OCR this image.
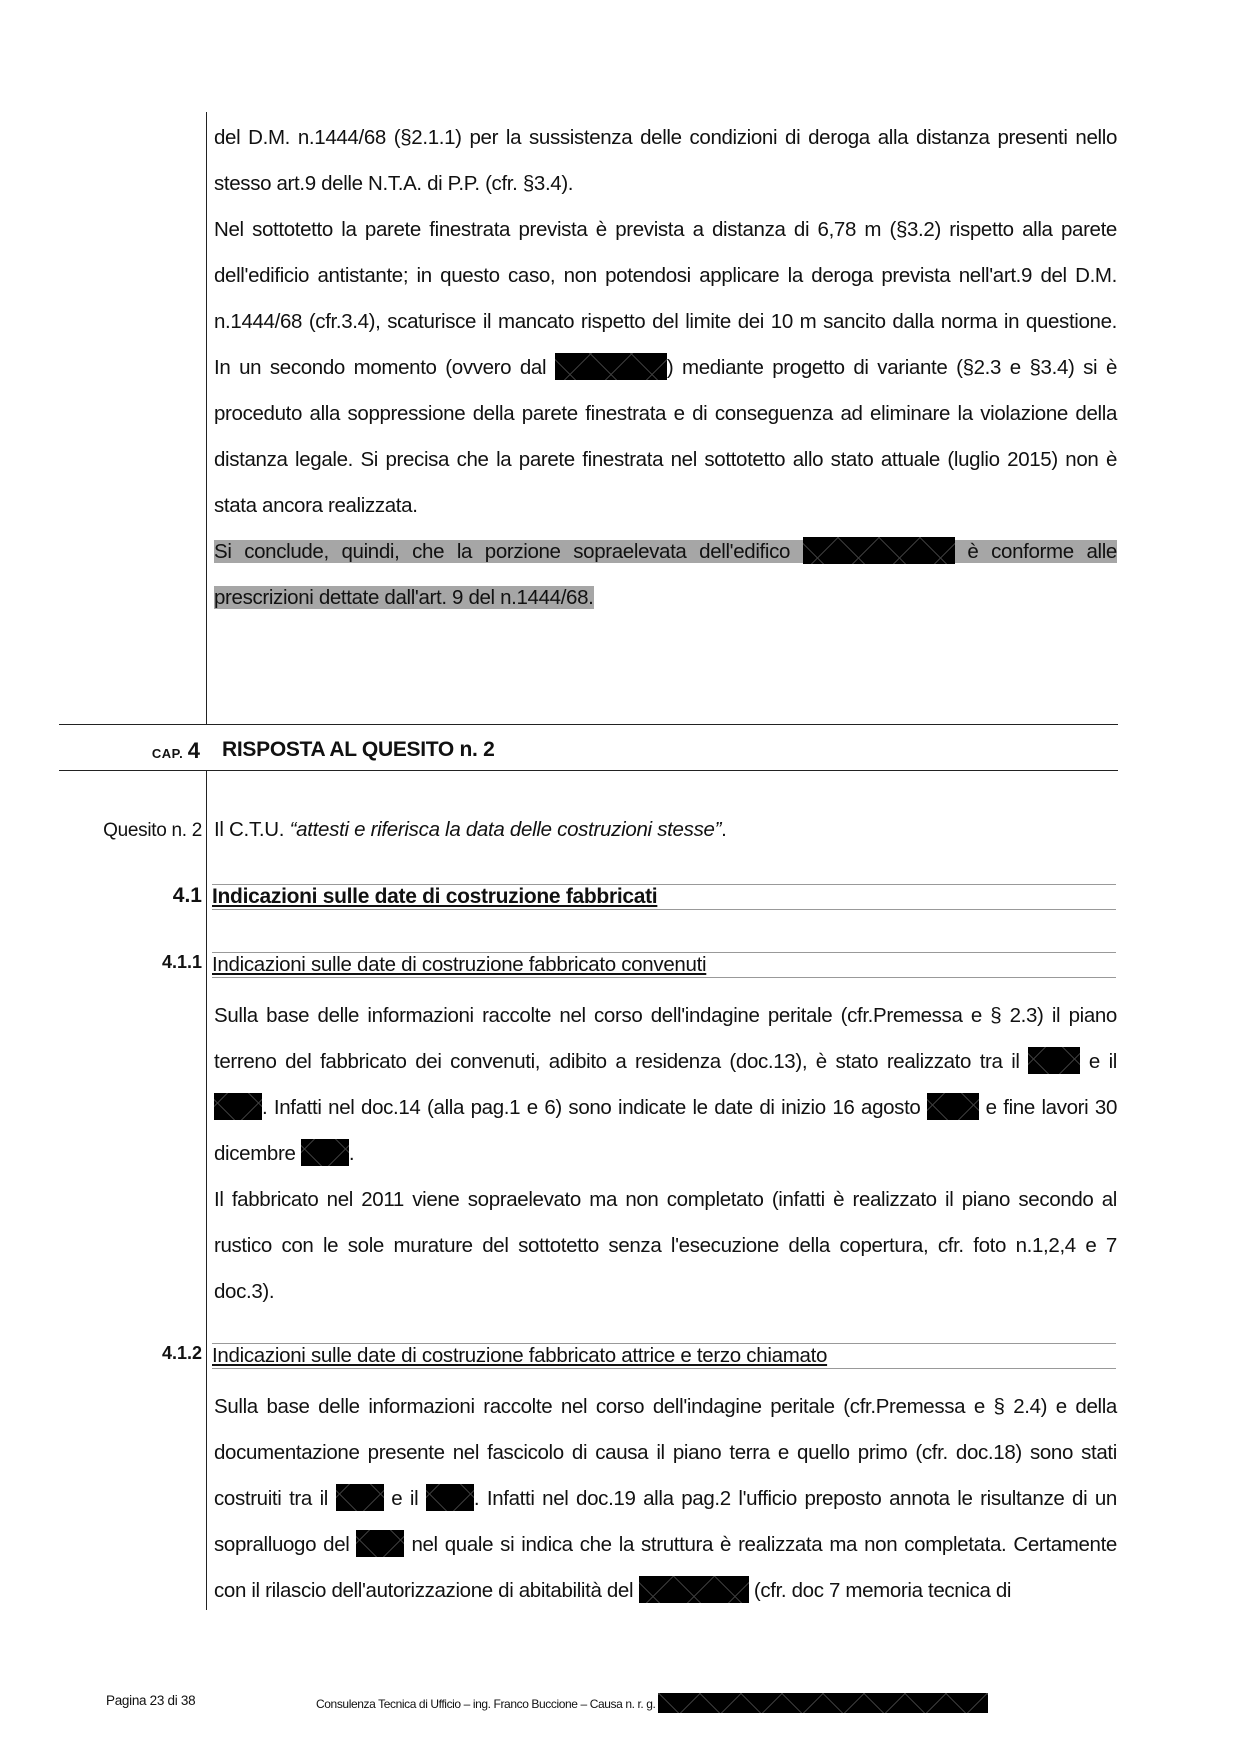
del D.M. n.1444/68 (§2.1.1) per la sussistenza delle condizioni di deroga alla distanza presenti nello stesso art.9 delle N.T.A. di P.P. (cfr. §3.4).

Nel sottotetto la parete finestrata prevista è prevista a distanza di 6,78 m (§3.2) rispetto alla parete dell'edificio antistante; in questo caso, non potendosi applicare la deroga prevista nell'art.9 del D.M. n.1444/68 (cfr.3.4), scaturisce il mancato rispetto del limite dei 10 m sancito dalla norma in questione. In un secondo momento (ovvero dal	) mediante progetto di variante (§2.3 e §3.4) si è proceduto alla soppressione della parete finestrata e di conseguenza ad eliminare la violazione della distanza legale. Si precisa che la parete finestrata nel sottotetto allo stato attuale (luglio 2015) non è stata ancora realizzata.

Si conclude, quindi, che la porzione sopraelevata dell'edifico	è conforme alle prescrizioni dettate dall'art. 9 del n.1444/68.

CAP. 4 RISPOSTA AL QUESITO n. 2
Quesito n. 2 Il C.T.U. “attesti e riferisca la data delle costruzioni stesse”.
4.1 Indicazioni sulle date di costruzione fabbricati
4.1.1 Indicazioni sulle date di costruzione fabbricato convenuti

Sulla base delle informazioni raccolte nel corso dell'indagine peritale (cfr.Premessa e § 2.3) il piano terreno del fabbricato dei convenuti, adibito a residenza (doc.13), è stato realizzato tra il	e il . Infatti nel doc.14 (alla pag.1 e 6) sono indicate le date di inizio 16 agosto	e fine lavori 30 dicembre .

Il fabbricato nel 2011 viene sopraelevato ma non completato (infatti è realizzato il piano secondo al rustico con le sole murature del sottotetto senza l'esecuzione della copertura, cfr. foto n.1,2,4 e 7 doc.3).

4.1.2 Indicazioni sulle date di costruzione fabbricato attrice e terzo chiamato

Sulla base delle informazioni raccolte nel corso dell'indagine peritale (cfr.Premessa e § 2.4) e della documentazione presente nel fascicolo di causa il piano terra e quello primo (cfr. doc.18) sono stati costruiti tra il  e il . Infatti nel doc.19 alla pag.2 l'ufficio preposto annota le risultanze di un sopralluogo del  nel quale si indica che la struttura è realizzata ma non completata. Certamente con il rilascio dell'autorizzazione di abitabilità del	(cfr. doc 7 memoria tecnica di

Pagina 23 di 38	Consulenza Tecnica di Ufficio – ing. Franco Buccione – Causa n. r. g.
